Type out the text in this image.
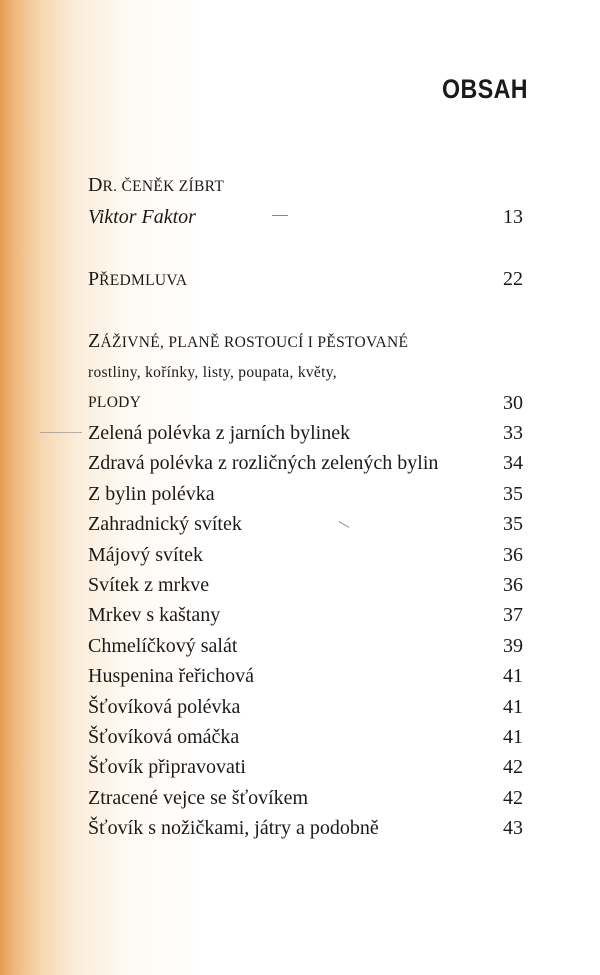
OBSAH
DR. ČENĚK ZÍBRT
Viktor Faktor	13
PŘEDMLUVA	22
ZÁŽIVNÉ, PLANĚ ROSTOUCÍ I PĚSTOVANÉ
rostliny, kořínky, listy, poupata, květy,
PLODY	30
Zelená polévka z jarních bylinek	33
Zdravá polévka z rozličných zelených bylin	34
Z bylin polévka	35
Zahradnický svítek	35
Májový svítek	36
Svítek z mrkve	36
Mrkev s kaštany	37
Chmelíčkový salát	39
Huspenina řeřichová	41
Šťovíková polévka	41
Šťovíková omáčka	41
Šťovík připravovati	42
Ztracené vejce se šťovíkem	42
Šťovík s nožičkami, játry a podobně	43
